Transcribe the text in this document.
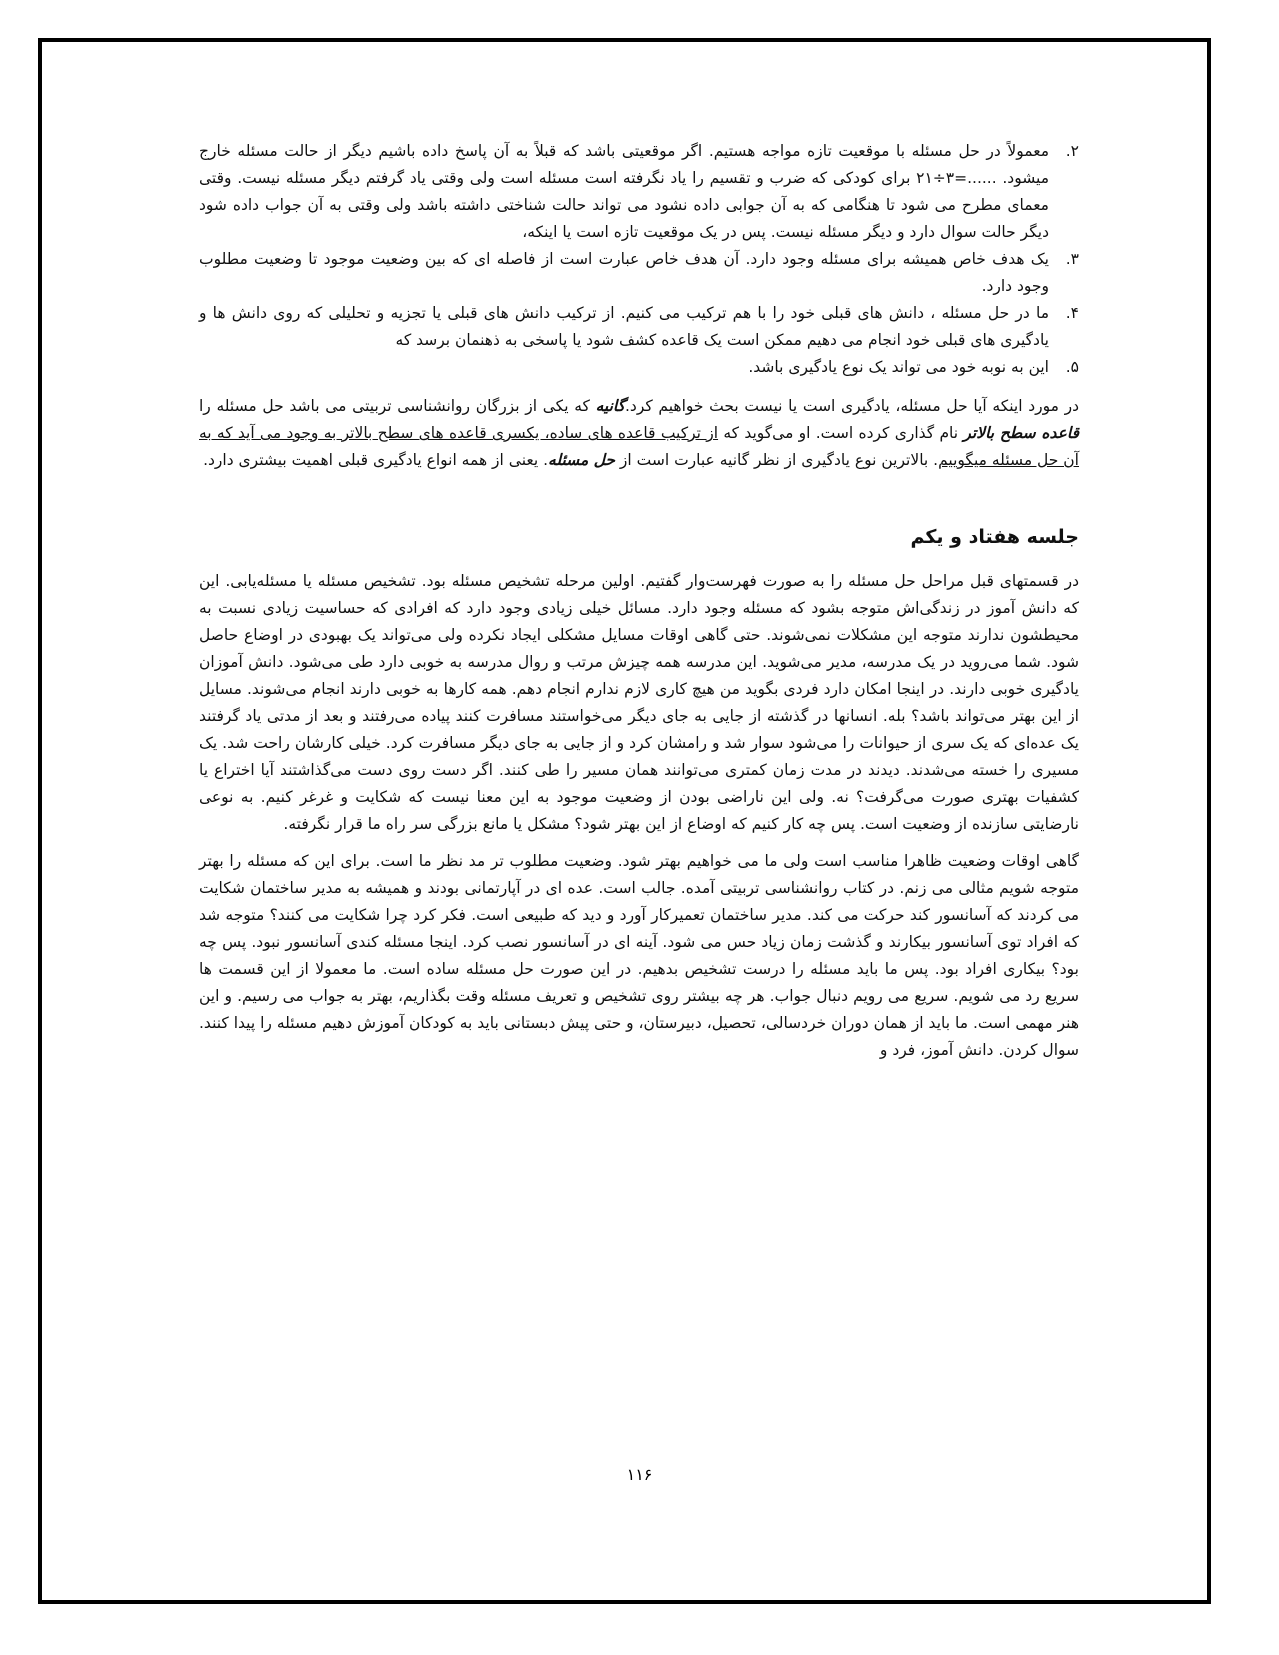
۲.
معمولاً در حل مسئله با موقعیت تازه مواجه هستیم. اگر موقعیتی باشد که قبلاً به آن پاسخ داده باشیم دیگر از حالت مسئله خارج میشود. ......=۳÷۲۱ برای کودکی که ضرب و تقسیم را یاد نگرفته است مسئله است ولی وقتی یاد گرفتم دیگر مسئله نیست. وقتی معمای مطرح می شود تا هنگامی که به آن جوابی داده نشود می تواند حالت شناختی داشته باشد ولی وقتی به آن جواب داده شود دیگر حالت سوال دارد و دیگر مسئله نیست. پس در یک موقعیت تازه است یا اینکه،
۳.
یک هدف خاص همیشه برای مسئله وجود دارد. آن هدف خاص عبارت است از فاصله ای که بین وضعیت موجود تا وضعیت مطلوب وجود دارد.
۴.
ما در حل مسئله ، دانش های قبلی خود را با هم ترکیب می کنیم. از ترکیب دانش های قبلی یا تجزیه و تحلیلی که روی دانش ها و یادگیری های قبلی خود انجام می دهیم ممکن است یک قاعده کشف شود یا پاسخی به ذهنمان برسد که
۵.
این به نوبه خود می تواند یک نوع یادگیری باشد.

در مورد اینکه آیا حل مسئله، یادگیری است یا نیست بحث خواهیم کرد.گانیه که یکی از بزرگان روانشناسی تربیتی می باشد حل مسئله را قاعده سطح بالاتر نام گذاری کرده است. او می‌گوید که از ترکیب قاعده های ساده، یکسری قاعده های سطح بالاتر به وجود می آید که به آن حل مسئله میگوییم. بالاترین نوع یادگیری از نظر گانیه عبارت است از حل مسئله. یعنی از همه انواع یادگیری قبلی اهمیت بیشتری دارد.

جلسه هفتاد و یکم

در قسمتهای قبل مراحل حل مسئله را به صورت فهرست‌وار گفتیم. اولین مرحله تشخیص مسئله بود. تشخیص مسئله یا مسئله‌یابی. این که دانش آموز در زندگی‌اش متوجه بشود که مسئله وجود دارد. مسائل خیلی زیادی وجود دارد که افرادی که حساسیت زیادی نسبت به محیطشون ندارند متوجه این مشکلات نمی‌شوند. حتی گاهی اوقات مسایل مشکلی ایجاد نکرده ولی می‌تواند یک بهبودی در اوضاع حاصل شود. شما می‌روید در یک مدرسه، مدیر می‌شوید. این مدرسه همه چیزش مرتب و روال مدرسه به خوبی دارد طی می‌شود. دانش آموزان یادگیری خوبی دارند. در اینجا امکان دارد فردی بگوید من هیچ کاری لازم ندارم انجام دهم. همه کارها به خوبی دارند انجام می‌شوند. مسایل از این بهتر می‌تواند باشد؟ بله. انسانها در گذشته از جایی به جای دیگر می‌خواستند مسافرت کنند پیاده می‌رفتند و بعد از مدتی یاد گرفتند یک عده‌ای که یک سری از حیوانات را می‌شود سوار شد و رامشان کرد و از جایی به جای دیگر مسافرت کرد. خیلی کارشان راحت شد. یک مسیری را خسته می‌شدند. دیدند در مدت زمان کمتری می‌توانند همان مسیر را طی کنند. اگر دست روی دست می‌گذاشتند آیا اختراع یا کشفیات بهتری صورت می‌گرفت؟ نه. ولی این ناراضی بودن از وضعیت موجود به این معنا نیست که شکایت و غرغر کنیم. به نوعی نارضایتی سازنده از وضعیت است. پس چه کار کنیم که اوضاع از این بهتر شود؟ مشکل یا مانع بزرگی سر راه ما قرار نگرفته.

گاهی اوقات وضعیت ظاهرا مناسب است ولی ما می خواهیم بهتر شود. وضعیت مطلوب تر مد نظر ما است. برای این که مسئله را بهتر متوجه شویم مثالی می زنم. در کتاب روانشناسی تربیتی آمده. جالب است. عده ای در آپارتمانی بودند و همیشه به مدیر ساختمان شکایت می کردند که آسانسور کند حرکت می کند. مدیر ساختمان تعمیرکار آورد و دید که طبیعی است. فکر کرد چرا شکایت می کنند؟ متوجه شد که افراد توی آسانسور بیکارند و گذشت زمان زیاد حس می شود. آینه ای در آسانسور نصب کرد. اینجا مسئله کندی آسانسور نبود. پس چه بود؟ بیکاری افراد بود. پس ما باید مسئله را درست تشخیص بدهیم. در این صورت حل مسئله ساده است. ما معمولا از این قسمت ها سریع رد می شویم. سریع می رویم دنبال جواب. هر چه بیشتر روی تشخیص و تعریف مسئله وقت بگذاریم، بهتر به جواب می رسیم. و این هنر مهمی است. ما باید از همان دوران خردسالی، تحصیل، دبیرستان، و حتی پیش دبستانی باید به کودکان آموزش دهیم مسئله را پیدا کنند. سوال کردن. دانش آموز، فرد و

۱۱۶
